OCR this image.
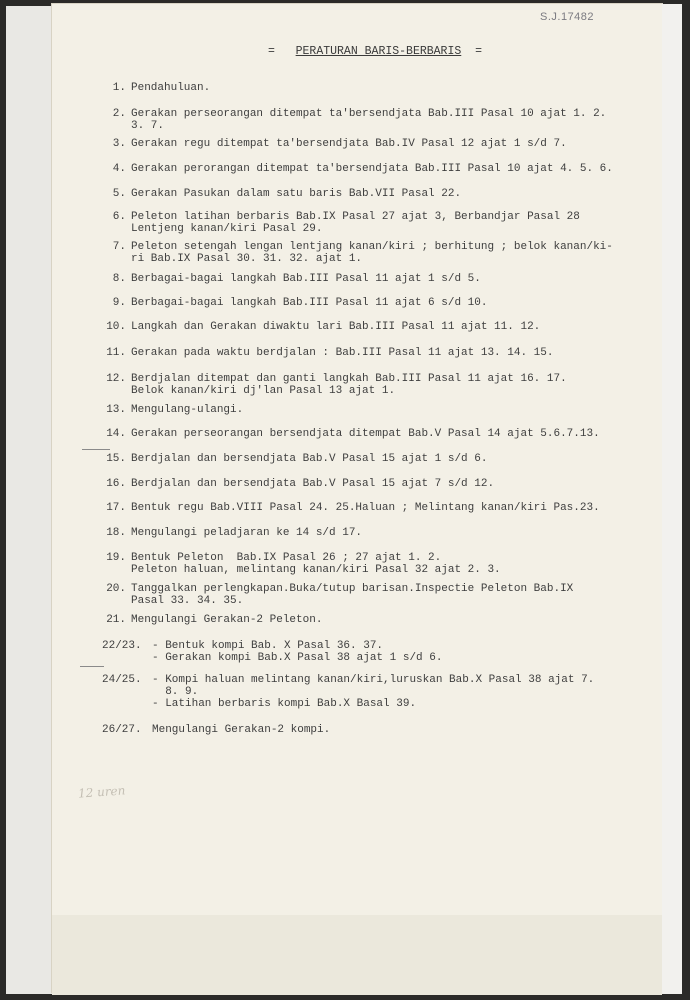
S.J.17482
= PERATURAN BARIS-BERBARIS =
12 uren
1. Pendahuluan.
2. Gerakan perseorangan ditempat ta'bersendjata Bab.III Pasal 10 ajat 1. 2.
3. 7.
3. Gerakan regu ditempat ta'bersendjata Bab.IV Pasal 12 ajat 1 s/d 7.
4. Gerakan perorangan ditempat ta'bersendjata Bab.III Pasal 10 ajat 4. 5. 6.
5. Gerakan Pasukan dalam satu baris Bab.VII Pasal 22.
6. Peleton latihan berbaris Bab.IX Pasal 27 ajat 3, Berbandjar Pasal 28
Lentjeng kanan/kiri Pasal 29.
7. Peleton setengah lengan lentjang kanan/kiri ; berhitung ; belok kanan/ki-
ri Bab.IX Pasal 30. 31. 32. ajat 1.
8. Berbagai-bagai langkah Bab.III Pasal 11 ajat 1 s/d 5.
9. Berbagai-bagai langkah Bab.III Pasal 11 ajat 6 s/d 10.
10. Langkah dan Gerakan diwaktu lari Bab.III Pasal 11 ajat 11. 12.
11. Gerakan pada waktu berdjalan : Bab.III Pasal 11 ajat 13. 14. 15.
12. Berdjalan ditempat dan ganti langkah Bab.III Pasal 11 ajat 16. 17.
Belok kanan/kiri dj'lan Pasal 13 ajat 1.
13. Mengulang-ulangi.
14. Gerakan perseorangan bersendjata ditempat Bab.V Pasal 14 ajat 5.6.7.13.
15. Berdjalan dan bersendjata Bab.V Pasal 15 ajat 1 s/d 6.
16. Berdjalan dan bersendjata Bab.V Pasal 15 ajat 7 s/d 12.
17. Bentuk regu Bab.VIII Pasal 24. 25.Haluan ; Melintang kanan/kiri Pas.23.
18. Mengulangi peladjaran ke 14 s/d 17.
19. Bentuk Peleton  Bab.IX Pasal 26 ; 27 ajat 1. 2.
Peleton haluan, melintang kanan/kiri Pasal 32 ajat 2. 3.
20. Tanggalkan perlengkapan.Buka/tutup barisan.Inspectie Peleton Bab.IX
Pasal 33. 34. 35.
21. Mengulangi Gerakan-2 Peleton.
22/23. - Bentuk kompi Bab. X Pasal 36. 37.
- Gerakan kompi Bab.X Pasal 38 ajat 1 s/d 6.
24/25. - Kompi haluan melintang kanan/kiri,luruskan Bab.X Pasal 38 ajat 7.
8. 9.
- Latihan berbaris kompi Bab.X Basal 39.
26/27. Mengulangi Gerakan-2 kompi.
